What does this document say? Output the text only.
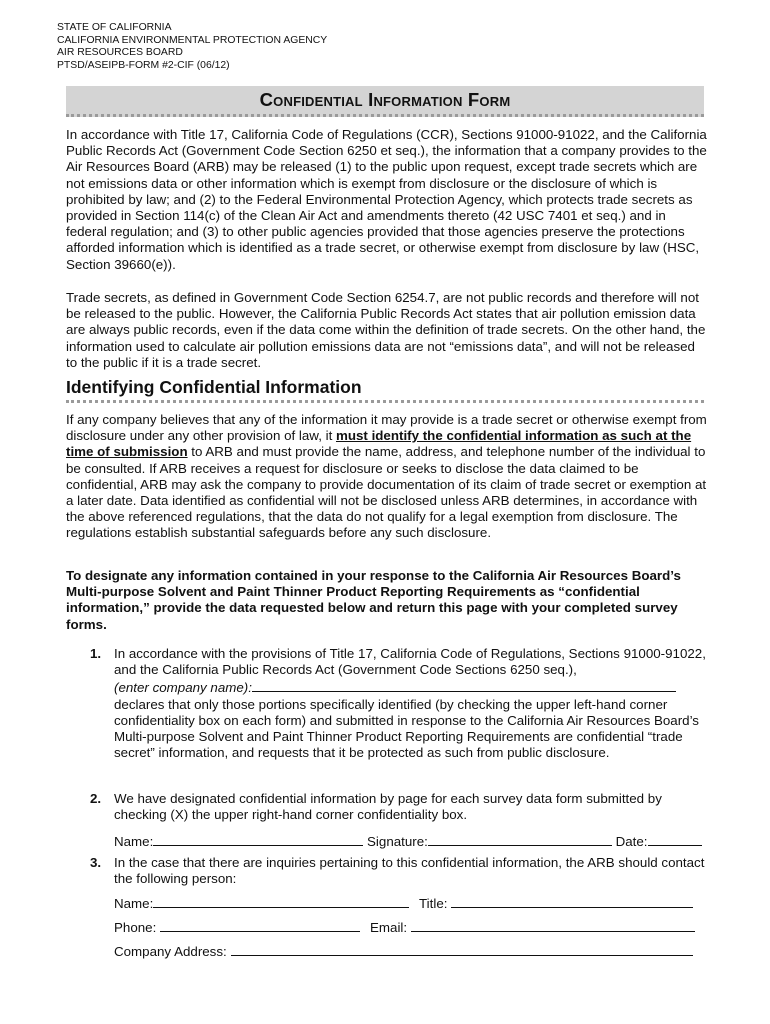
STATE OF CALIFORNIA
CALIFORNIA ENVIRONMENTAL PROTECTION AGENCY
AIR RESOURCES BOARD
PTSD/ASEIPB-FORM #2-CIF (06/12)
Confidential Information Form
In accordance with Title 17, California Code of Regulations (CCR), Sections 91000-91022, and the California Public Records Act (Government Code Section 6250 et seq.), the information that a company provides to the Air Resources Board (ARB) may be released (1) to the public upon request, except trade secrets which are not emissions data or other information which is exempt from disclosure or the disclosure of which is prohibited by law; and (2) to the Federal Environmental Protection Agency, which protects trade secrets as provided in Section 114(c) of the Clean Air Act and amendments thereto (42 USC 7401 et seq.) and in federal regulation; and (3) to other public agencies provided that those agencies preserve the protections afforded information which is identified as a trade secret, or otherwise exempt from disclosure by law (HSC, Section 39660(e)).
Trade secrets, as defined in Government Code Section 6254.7, are not public records and therefore will not be released to the public. However, the California Public Records Act states that air pollution emission data are always public records, even if the data come within the definition of trade secrets. On the other hand, the information used to calculate air pollution emissions data are not “emissions data”, and will not be released to the public if it is a trade secret.
Identifying Confidential Information
If any company believes that any of the information it may provide is a trade secret or otherwise exempt from disclosure under any other provision of law, it must identify the confidential information as such at the time of submission to ARB and must provide the name, address, and telephone number of the individual to be consulted. If ARB receives a request for disclosure or seeks to disclose the data claimed to be confidential, ARB may ask the company to provide documentation of its claim of trade secret or exemption at a later date. Data identified as confidential will not be disclosed unless ARB determines, in accordance with the above referenced regulations, that the data do not qualify for a legal exemption from disclosure. The regulations establish substantial safeguards before any such disclosure.
To designate any information contained in your response to the California Air Resources Board’s Multi-purpose Solvent and Paint Thinner Product Reporting Requirements as “confidential information,” provide the data requested below and return this page with your completed survey forms.
1. In accordance with the provisions of Title 17, California Code of Regulations, Sections 91000-91022, and the California Public Records Act (Government Code Sections 6250 seq.),
(enter company name):
declares that only those portions specifically identified (by checking the upper left-hand corner confidentiality box on each form) and submitted in response to the California Air Resources Board’s Multi-purpose Solvent and Paint Thinner Product Reporting Requirements are confidential “trade secret” information, and requests that it be protected as such from public disclosure.
2. We have designated confidential information by page for each survey data form submitted by checking (X) the upper right-hand corner confidentiality box.
Name:	Signature:	Date:
3. In the case that there are inquiries pertaining to this confidential information, the ARB should contact the following person:
Name:	Title:
Phone:	Email:
Company Address:
